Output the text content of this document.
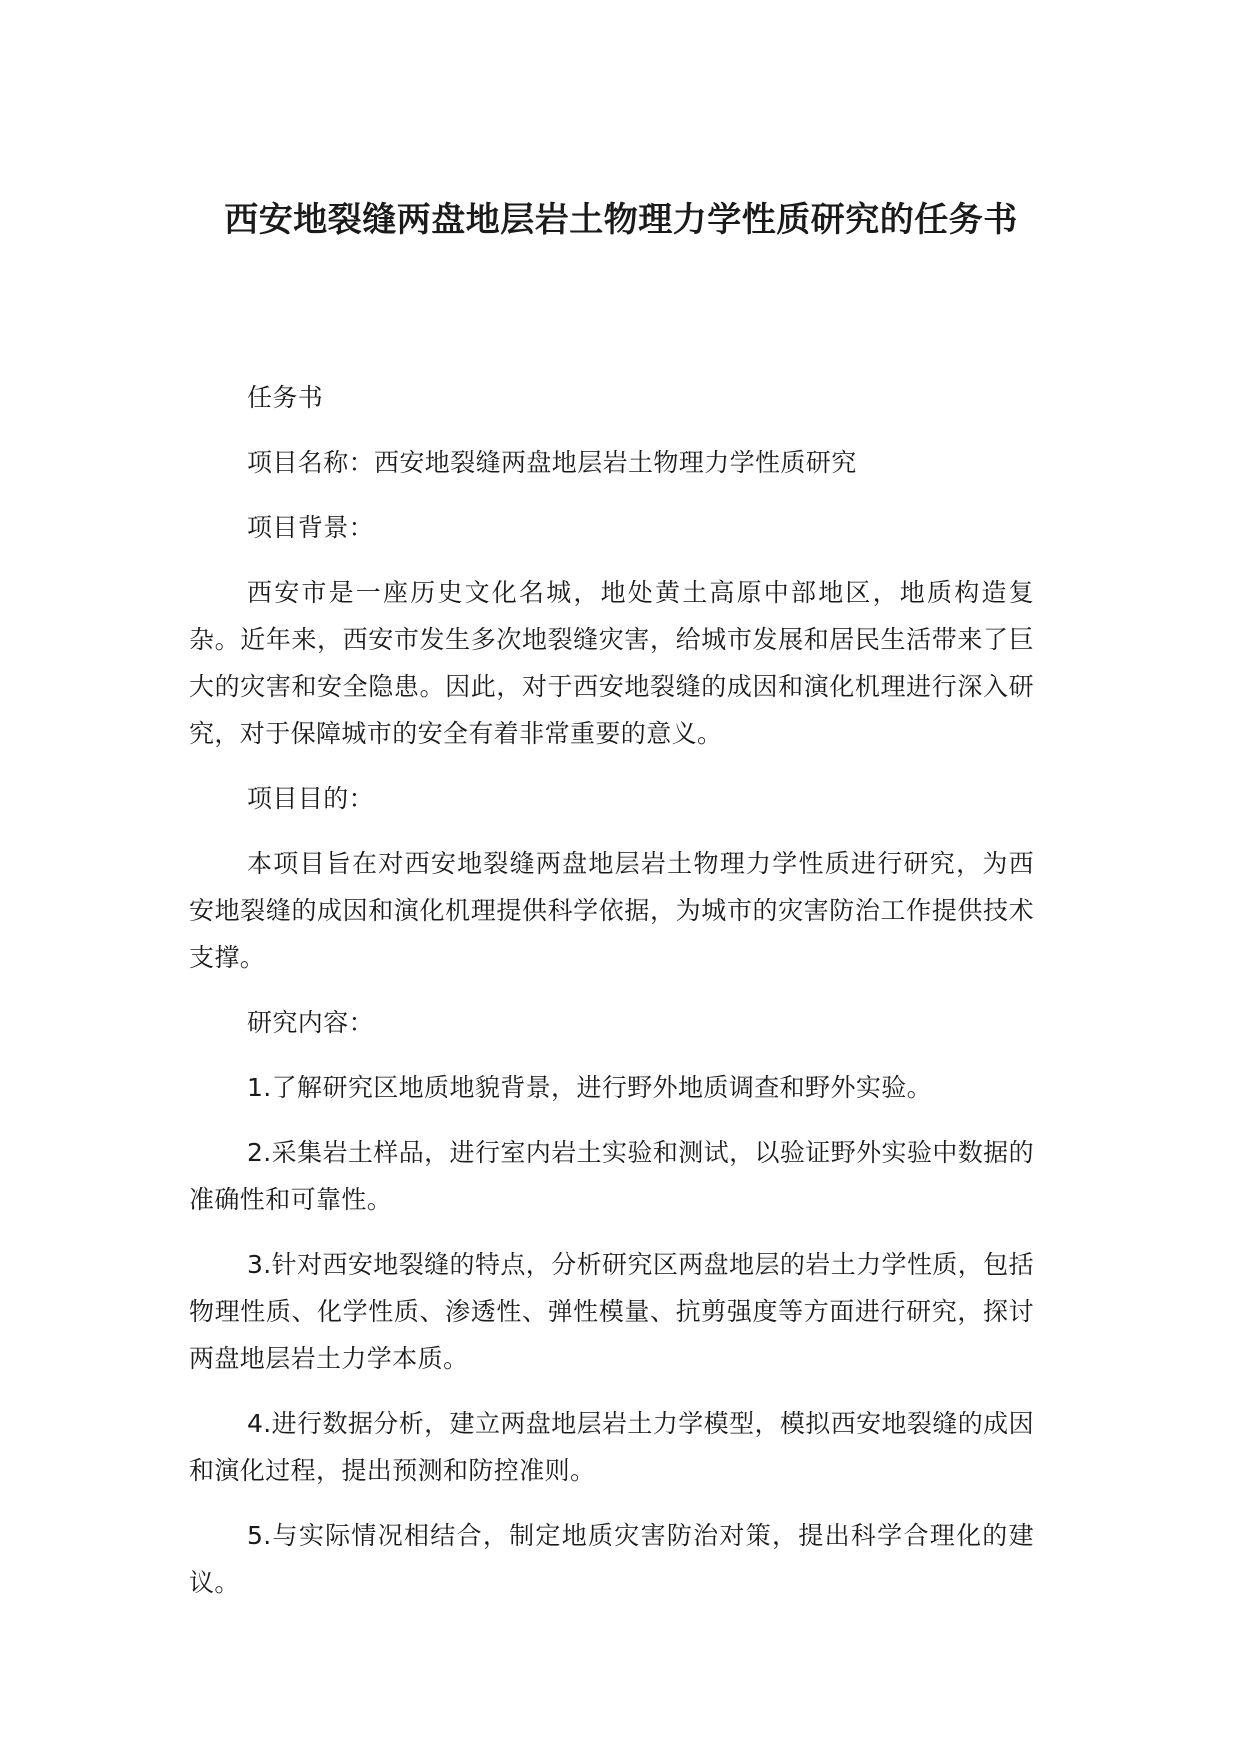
西安地裂缝两盘地层岩土物理力学性质研究的任务书

任务书

项目名称：西安地裂缝两盘地层岩土物理力学性质研究

项目背景：

西安市是一座历史文化名城，地处黄土高原中部地区，地质构造复杂。近年来，西安市发生多次地裂缝灾害，给城市发展和居民生活带来了巨大的灾害和安全隐患。因此，对于西安地裂缝的成因和演化机理进行深入研究，对于保障城市的安全有着非常重要的意义。

项目目的：

本项目旨在对西安地裂缝两盘地层岩土物理力学性质进行研究，为西安地裂缝的成因和演化机理提供科学依据，为城市的灾害防治工作提供技术支撑。

研究内容：

1.了解研究区地质地貌背景，进行野外地质调查和野外实验。

2.采集岩土样品，进行室内岩土实验和测试，以验证野外实验中数据的准确性和可靠性。

3.针对西安地裂缝的特点，分析研究区两盘地层的岩土力学性质，包括物理性质、化学性质、渗透性、弹性模量、抗剪强度等方面进行研究，探讨两盘地层岩土力学本质。

4.进行数据分析，建立两盘地层岩土力学模型，模拟西安地裂缝的成因和演化过程，提出预测和防控准则。

5.与实际情况相结合，制定地质灾害防治对策，提出科学合理化的建议。
